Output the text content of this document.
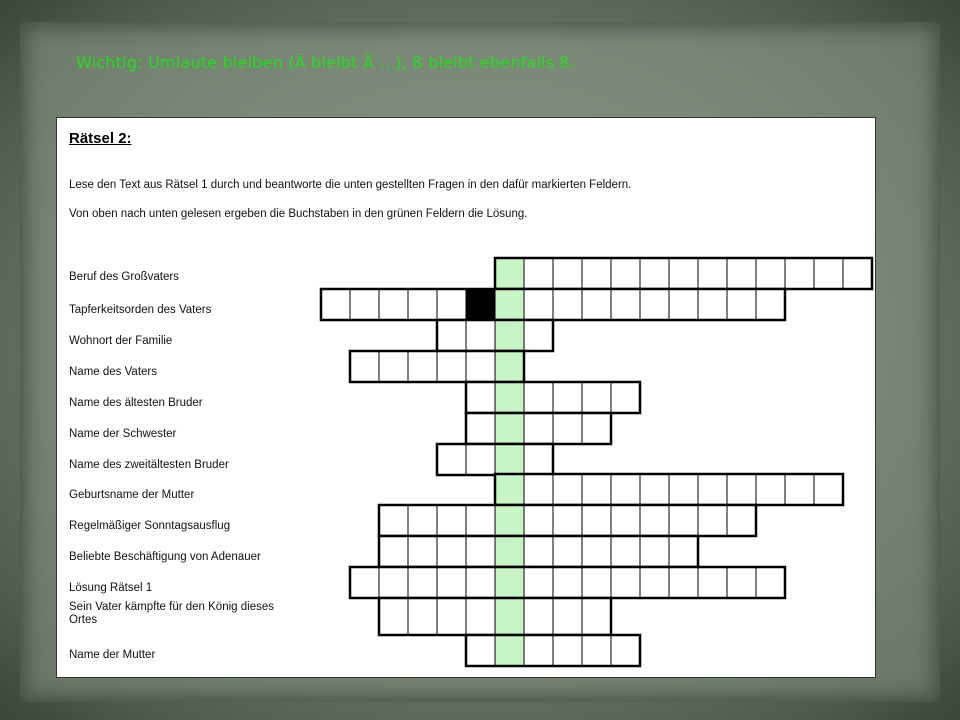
Wichtig: Umlaute bleiben (Ä bleibt Ä …), ß bleibt ebenfalls ß.
Rätsel 2:
Lese den Text aus Rätsel 1 durch und beantworte die unten gestellten Fragen in den dafür markierten Feldern.
Von oben nach unten gelesen ergeben die Buchstaben in den grünen Feldern die Lösung.
Beruf des Großvaters
Tapferkeitsorden des Vaters
Wohnort der Familie
Name des Vaters
Name des ältesten Bruder
Name der Schwester
Name des zweitältesten Bruder
Geburtsname der Mutter
Regelmäßiger Sonntagsausflug
Beliebte Beschäftigung von Adenauer
Lösung Rätsel 1
Sein Vater kämpfte für den König dieses Ortes
Name der Mutter
